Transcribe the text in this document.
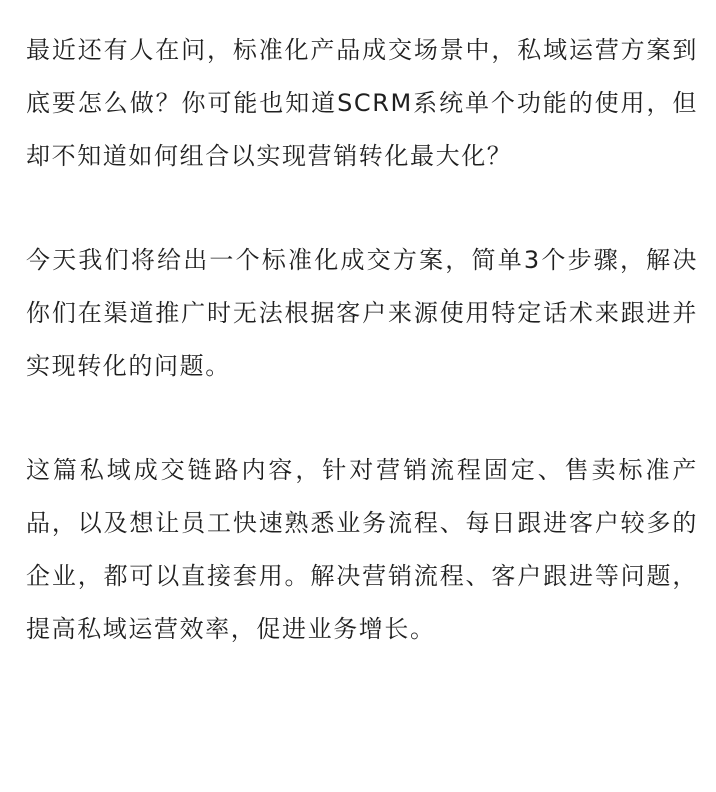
最近还有人在问，标准化产品成交场景中，私域运营方案到底要怎么做？你可能也知道SCRM系统单个功能的使用，但却不知道如何组合以实现营销转化最大化？

今天我们将给出一个标准化成交方案，简单3个步骤，解决你们在渠道推广时无法根据客户来源使用特定话术来跟进并实现转化的问题。

这篇私域成交链路内容，针对营销流程固定、售卖标准产品，以及想让员工快速熟悉业务流程、每日跟进客户较多的企业，都可以直接套用。解决营销流程、客户跟进等问题，提高私域运营效率，促进业务增长。
